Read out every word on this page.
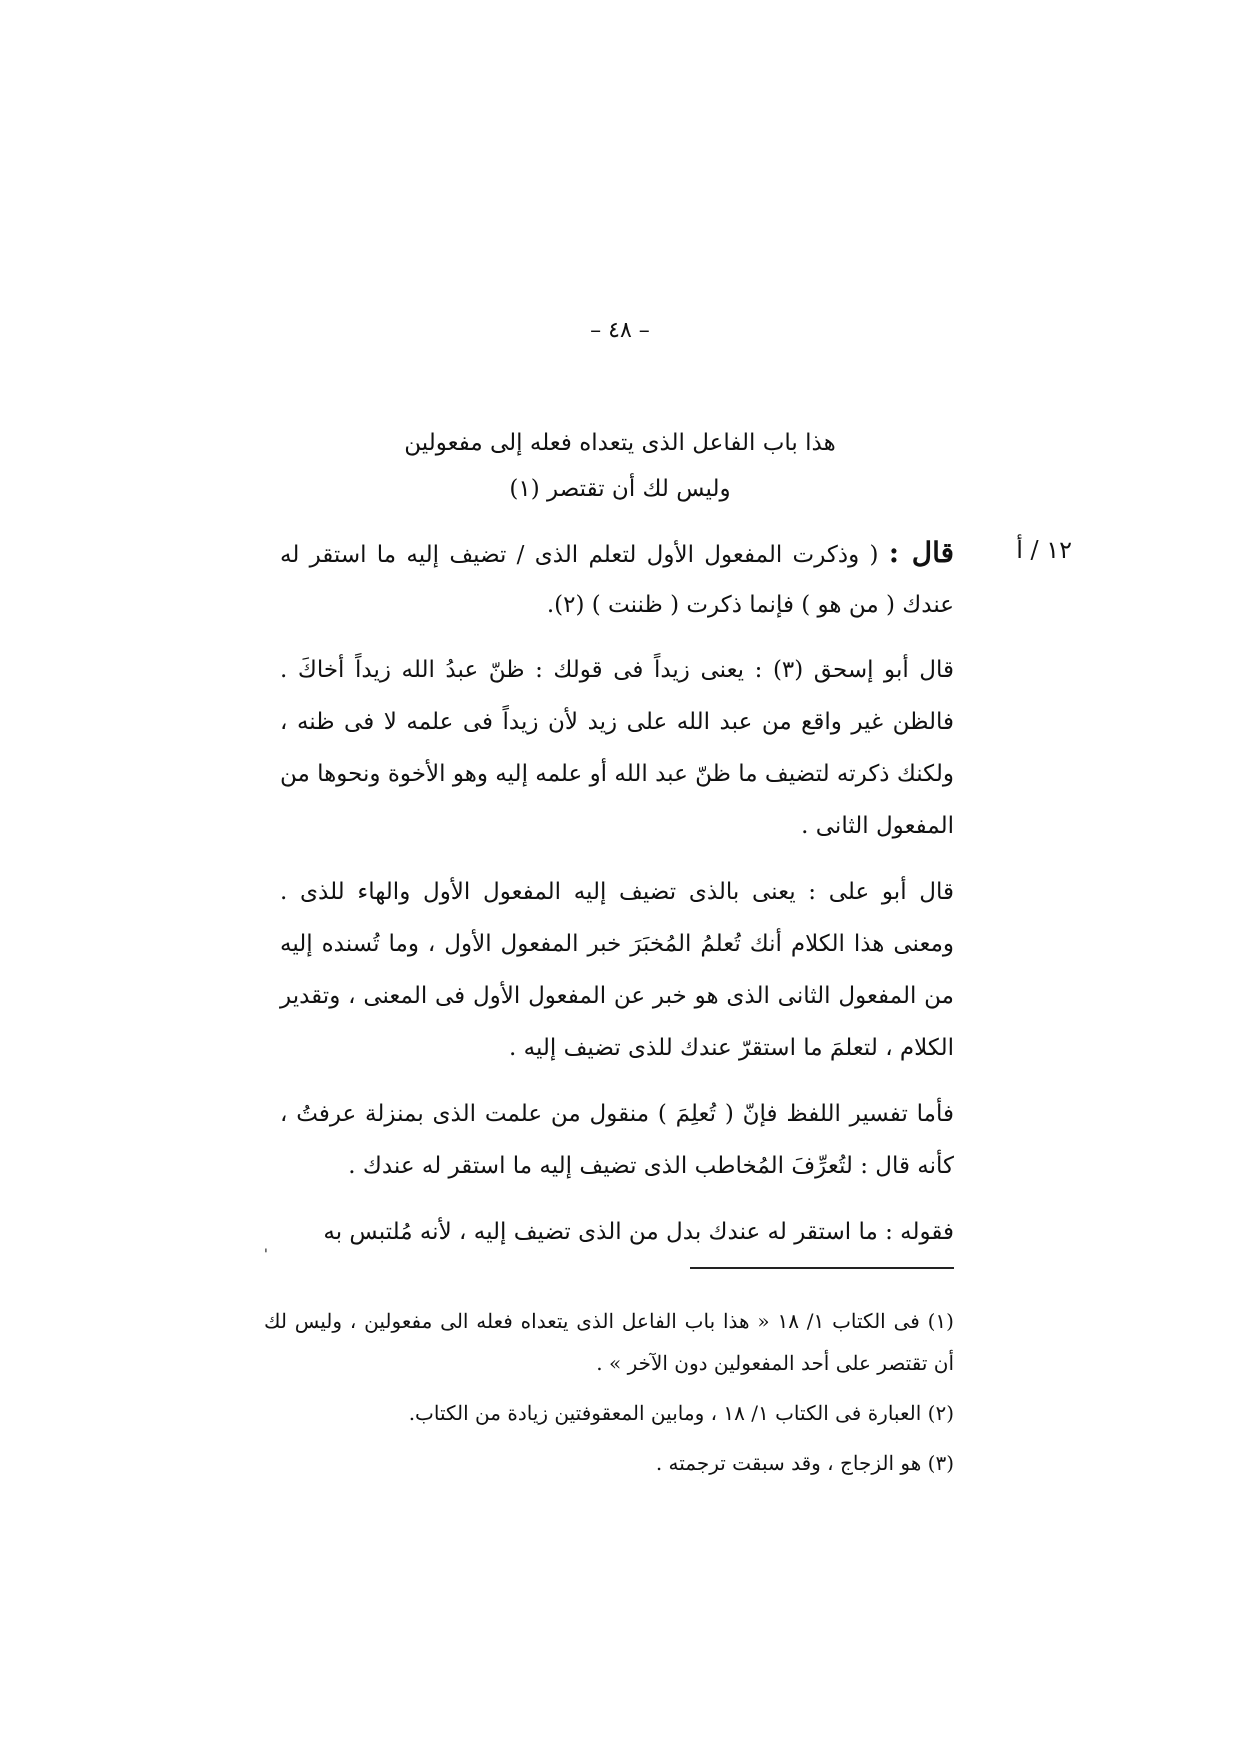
– ٤٨ –
هذا باب الفاعل الذى يتعداه فعله إلى مفعولين
وليس لك أن تقتصر (١)
١٢ / أ

قال : ( وذكرت المفعول الأول لتعلم الذى / تضيف إليه ما استقر له عندك ( من هو ) فإنما ذكرت ( ظننت ) (٢).

قال أبو إسحق (٣) : يعنى زيداً فى قولك : ظنّ عبدُ الله زيداً أخاكَ . فالظن غير واقع من عبد الله على زيد لأن زيداً فى علمه لا فى ظنه ، ولكنك ذكرته لتضيف ما ظنّ عبد الله أو علمه إليه وهو الأخوة ونحوها من المفعول الثانى .

قال أبو على : يعنى بالذى تضيف إليه المفعول الأول والهاء للذى . ومعنى هذا الكلام أنك تُعلمُ المُخبَرَ خبر المفعول الأول ، وما تُسنده إليه من المفعول الثانى الذى هو خبر عن المفعول الأول فى المعنى ، وتقدير الكلام ، لتعلمَ ما استقرّ عندك للذى تضيف إليه .

فأما تفسير اللفظ فإنّ ( تُعلِمَ ) منقول من علمت الذى بمنزلة عرفتُ ، كأنه قال : لتُعرِّفَ المُخاطب الذى تضيف إليه ما استقر له عندك .

فقوله : ما استقر له عندك بدل من الذى تضيف إليه ، لأنه مُلتبس به

'

(١) فى الكتاب ١/ ١٨ « هذا باب الفاعل الذى يتعداه فعله الى مفعولين ، وليس لك أن تقتصر على أحد المفعولين دون الآخر » .

(٢) العبارة فى الكتاب ١/ ١٨ ، ومابين المعقوفتين زيادة من الكتاب.

(٣) هو الزجاج ، وقد سبقت ترجمته .
